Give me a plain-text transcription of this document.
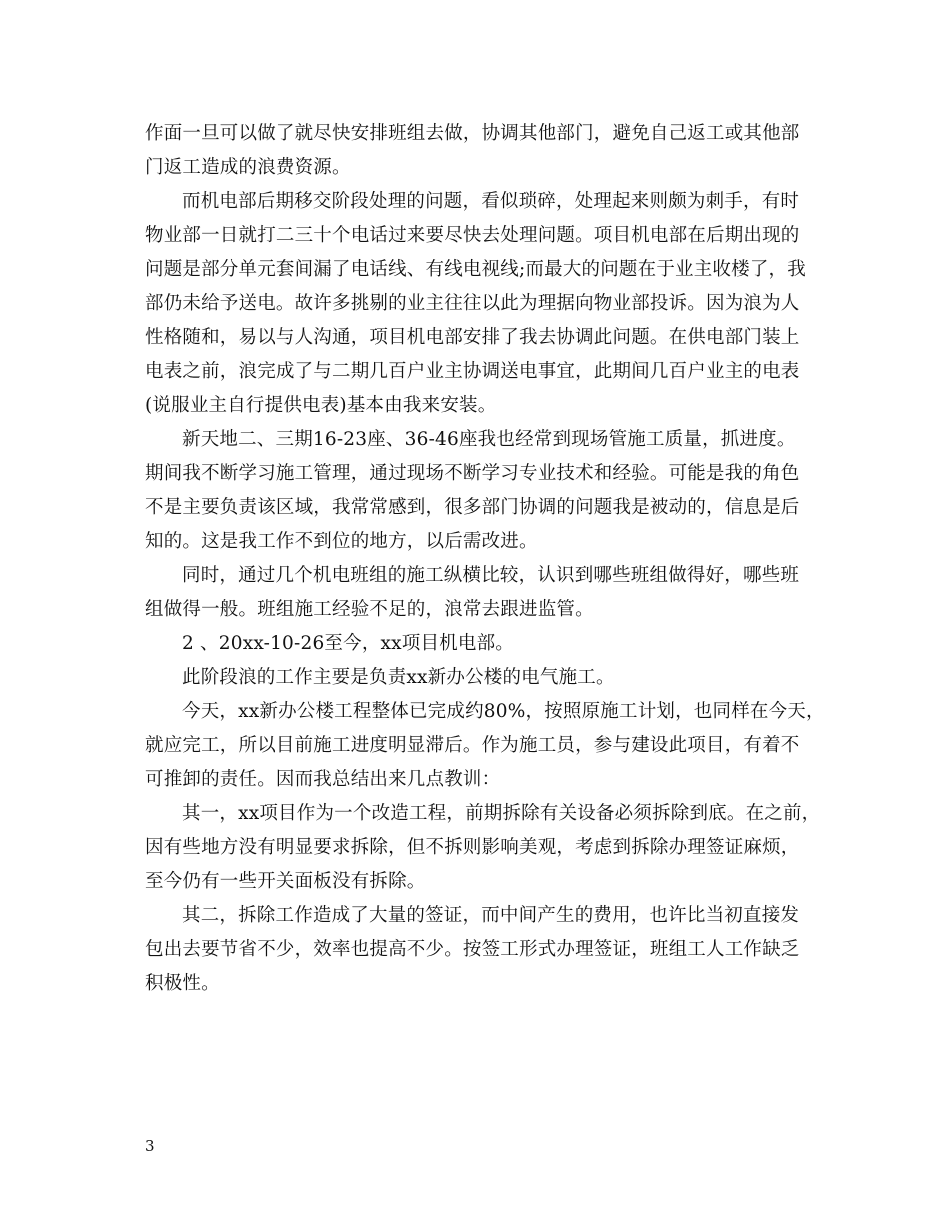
作面一旦可以做了就尽快安排班组去做，协调其他部门，避免自己返工或其他部
门返工造成的浪费资源。
而机电部后期移交阶段处理的问题，看似琐碎，处理起来则颇为刺手，有时
物业部一日就打二三十个电话过来要尽快去处理问题。项目机电部在后期出现的
问题是部分单元套间漏了电话线、有线电视线;而最大的问题在于业主收楼了，我
部仍未给予送电。故许多挑剔的业主往往以此为理据向物业部投诉。因为浪为人
性格随和，易以与人沟通，项目机电部安排了我去协调此问题。在供电部门装上
电表之前，浪完成了与二期几百户业主协调送电事宜，此期间几百户业主的电表
(说服业主自行提供电表)基本由我来安装。
新天地二、三期16-23座、36-46座我也经常到现场管施工质量，抓进度。
期间我不断学习施工管理，通过现场不断学习专业技术和经验。可能是我的角色
不是主要负责该区域，我常常感到，很多部门协调的问题我是被动的，信息是后
知的。这是我工作不到位的地方，以后需改进。
同时，通过几个机电班组的施工纵横比较，认识到哪些班组做得好，哪些班
组做得一般。班组施工经验不足的，浪常去跟进监管。
2 、20xx-10-26至今，xx项目机电部。
此阶段浪的工作主要是负责xx新办公楼的电气施工。
今天，xx新办公楼工程整体已完成约80%，按照原施工计划，也同样在今天，
就应完工，所以目前施工进度明显滞后。作为施工员，参与建设此项目，有着不
可推卸的责任。因而我总结出来几点教训：
其一，xx项目作为一个改造工程，前期拆除有关设备必须拆除到底。在之前，
因有些地方没有明显要求拆除，但不拆则影响美观，考虑到拆除办理签证麻烦，
至今仍有一些开关面板没有拆除。
其二，拆除工作造成了大量的签证，而中间产生的费用，也许比当初直接发
包出去要节省不少，效率也提高不少。按签工形式办理签证，班组工人工作缺乏
积极性。
3
